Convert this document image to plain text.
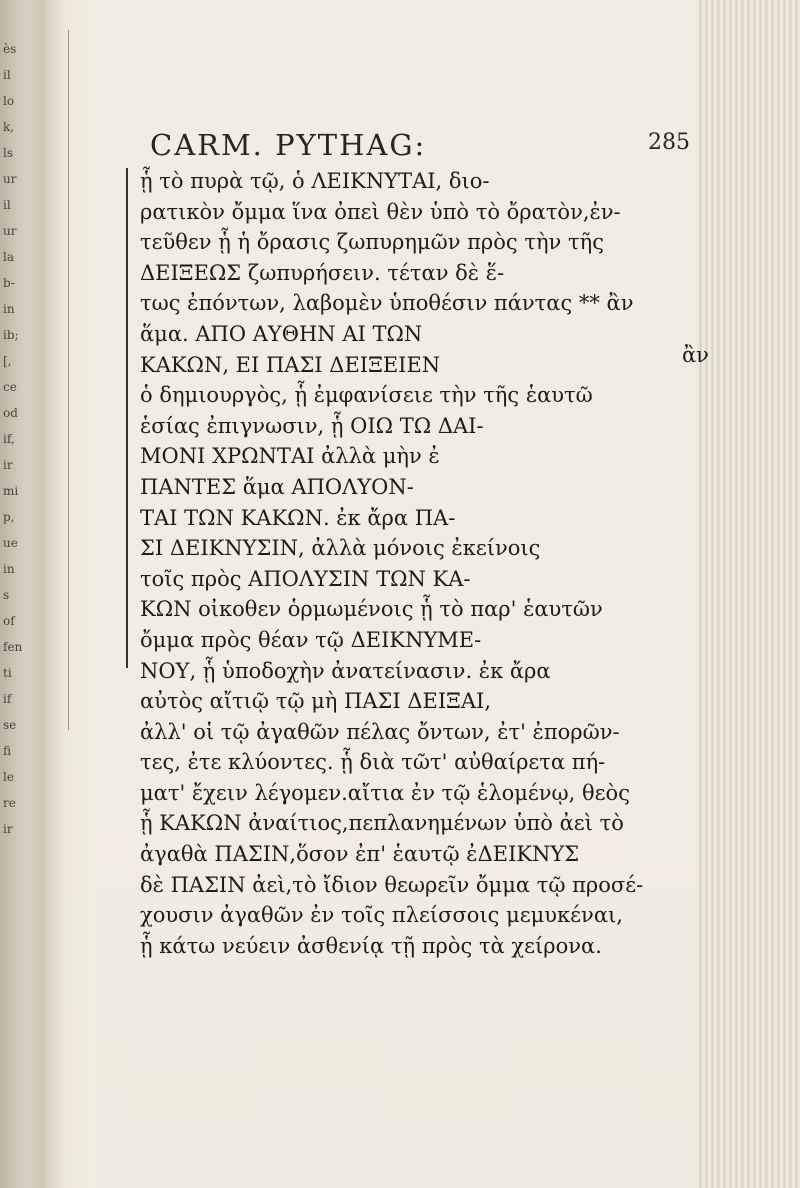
ès
il
lo
k,
ls
ur
il
ur
la
b-
in
ib;
[,
ce
od
if,
ir
mi
p,
ue
in
s
of
fen
ti
if
se
fi
le
re
ir
CARM. PYTHAG:	285
ᾗ τὸ πυρὰ τῷ, ὁ ΛΕΙΚΝΥΤΑΙ, διο-
ρατικὸν ὄμμα ἵνα ὀπεὶ θὲν ὑπὸ τὸ ὄρατὸν,ἐν-
τεῦθεν ᾗ ἡ ὄρασις ζωπυρημῶν πρὸς τὴν τῆς
ΔΕΙΞΕΩΣ ζωπυρήσειν. τέταν δὲ ἕ-
τως ἐπόντων, λαβομὲν ὑποθέσιν πάντας ** ἂν
ἅμα. ΑΠΟ ΑΥΘΗΝ ΑΙ ΤΩΝ
ΚΑΚΩΝ, ΕΙ ΠΑΣΙ ΔΕΙΞΕΙΕΝ
ὁ δημιουργὸς, ᾗ ἐμφανίσειε τὴν τῆς ἑαυτῶ
ἑσίας ἐπιγνωσιν, ᾗ ΟΙΩ ΤΩ ΔΑΙ-
ΜΟΝΙ ΧΡΩΝΤΑΙ ἀλλὰ μὴν ἐ
ΠΑΝΤΕΣ ἅμα ΑΠΟΛΥΟΝ-
ΤΑΙ ΤΩΝ ΚΑΚΩΝ. ἐκ ἄρα ΠΑ-
ΣΙ ΔΕΙΚΝΥΣΙΝ, ἀλλὰ μόνοις ἐκείνοις
τοῖς πρὸς ΑΠΟΛΥΣΙΝ ΤΩΝ ΚΑ-
ΚΩΝ οἰκοθεν ὁρμωμένοις ᾗ τὸ παρ' ἑαυτῶν
ὄμμα πρὸς θέαν τῷ ΔΕΙΚΝΥΜΕ-
ΝΟΥ, ᾗ ὑποδοχὴν ἀνατείνασιν. ἐκ ἄρα
αὐτὸς αἴτιῷ τῷ μὴ ΠΑΣΙ ΔΕΙΞΑΙ,
ἀλλ' οἱ τῷ ἀγαθῶν πέλας ὄντων, ἐτ' ἐπορῶν-
τες, ἐτε κλύοντες. ᾗ διὰ τῶτ' αὐθαίρετα πή-
ματ' ἔχειν λέγομεν.αἴτια ἐν τῷ ἑλομένῳ, θεὸς
ᾗ ΚΑΚΩΝ ἀναίτιος,πεπλανημένων ὑπὸ ἀεὶ τὸ
ἀγαθὰ ΠΑΣΙΝ,ὅσον ἐπ' ἑαυτῷ ἐΔΕΙΚΝΥΣ
δὲ ΠΑΣΙΝ ἀεὶ,τὸ ἴδιον θεωρεῖν ὄμμα τῷ προσέ-
χουσιν ἀγαθῶν ἐν τοῖς πλείσσοις μεμυκέναι,
ᾗ κάτω νεύειν ἀσθενίᾳ τῇ πρὸς τὰ χείρονα.
ἂν
